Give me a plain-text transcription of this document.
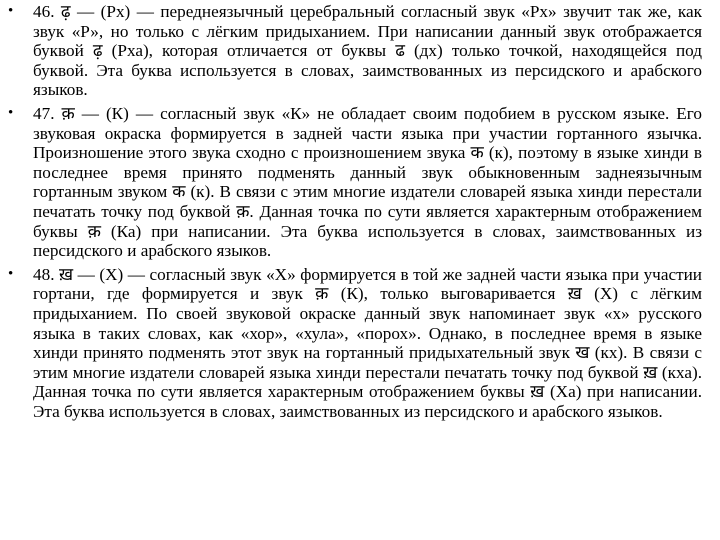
• 46. ढ़ — (Рх) — переднеязычный церебральный согласный звук «Рх» звучит так же, как звук «Р», но только с лёгким придыханием. При написании данный звук отображается буквой ढ़ (Рха), которая отличается от буквы ढ (дх) только точкой, находящейся под буквой. Эта буква используется в словах, заимствованных из персидского и арабского языков.
• 47. क़ — (К) — согласный звук «К» не обладает своим подобием в русском языке. Его звуковая окраска формируется в задней части языка при участии гортанного язычка. Произношение этого звука сходно с произношением звука क (к), поэтому в языке хинди в последнее время принято подменять данный звук обыкновенным заднеязычным гортанным звуком क (к). В связи с этим многие издатели словарей языка хинди перестали печатать точку под буквой क़. Данная точка по сути является характерным отображением буквы क़ (Ка) при написании. Эта буква используется в словах, заимствованных из персидского и арабского языков.
• 48. ख़ — (Х) — согласный звук «Х» формируется в той же задней части языка при участии гортани, где формируется и звук क़ (К), только выговаривается ख़ (Х) с лёгким придыханием. По своей звуковой окраске данный звук напоминает звук «х» русского языка в таких словах, как «хор», «хула», «порох». Однако, в последнее время в языке хинди принято подменять этот звук на гортанный придыхательный звук ख (кх). В связи с этим многие издатели словарей языка хинди перестали печатать точку под буквой ख़ (кха). Данная точка по сути является характерным отображением буквы ख़ (Ха) при написании. Эта буква используется в словах, заимствованных из персидского и арабского языков.
